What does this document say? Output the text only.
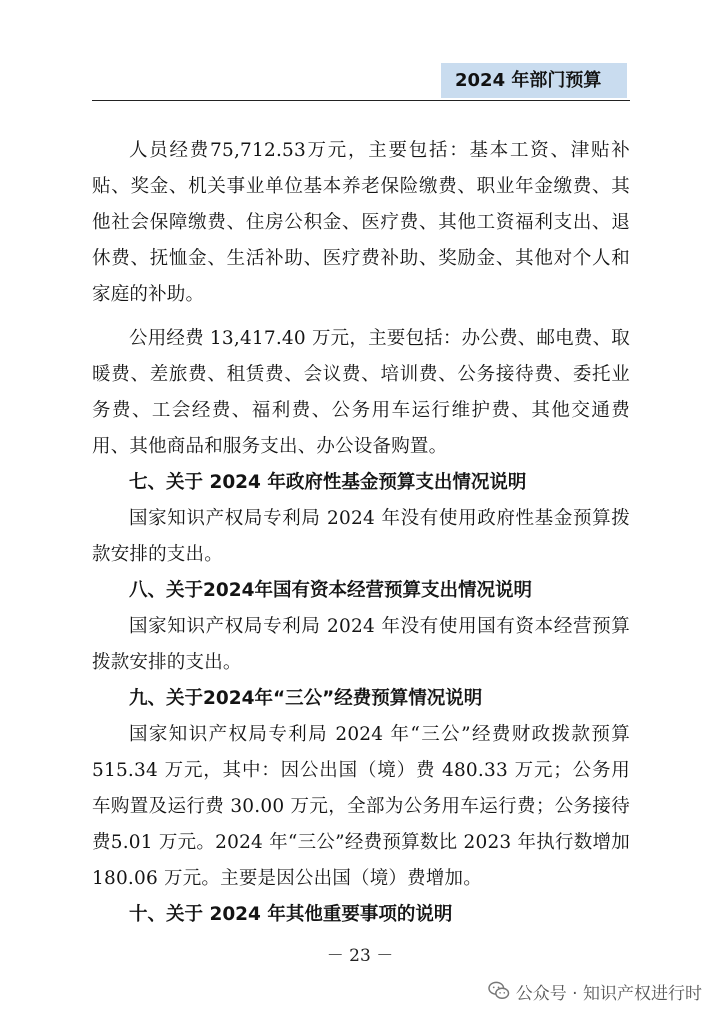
2024 年部门预算

人员经费75,712.53万元，主要包括：基本工资、津贴补贴、奖金、机关事业单位基本养老保险缴费、职业年金缴费、其他社会保障缴费、住房公积金、医疗费、其他工资福利支出、退休费、抚恤金、生活补助、医疗费补助、奖励金、其他对个人和家庭的补助。

公用经费 13,417.40 万元，主要包括：办公费、邮电费、取暖费、差旅费、租赁费、会议费、培训费、公务接待费、委托业务费、工会经费、福利费、公务用车运行维护费、其他交通费用、其他商品和服务支出、办公设备购置。

七、关于 2024 年政府性基金预算支出情况说明

国家知识产权局专利局 2024 年没有使用政府性基金预算拨款安排的支出。

八、关于2024年国有资本经营预算支出情况说明

国家知识产权局专利局 2024 年没有使用国有资本经营预算拨款安排的支出。

九、关于2024年“三公”经费预算情况说明

国家知识产权局专利局 2024 年“三公”经费财政拨款预算515.34 万元，其中：因公出国（境）费 480.33 万元；公务用车购置及运行费 30.00 万元，全部为公务用车运行费；公务接待费5.01 万元。2024 年“三公”经费预算数比 2023 年执行数增加 180.06 万元。主要是因公出国（境）费增加。

十、关于 2024 年其他重要事项的说明

－ 23 －
公众号 · 知识产权进行时
